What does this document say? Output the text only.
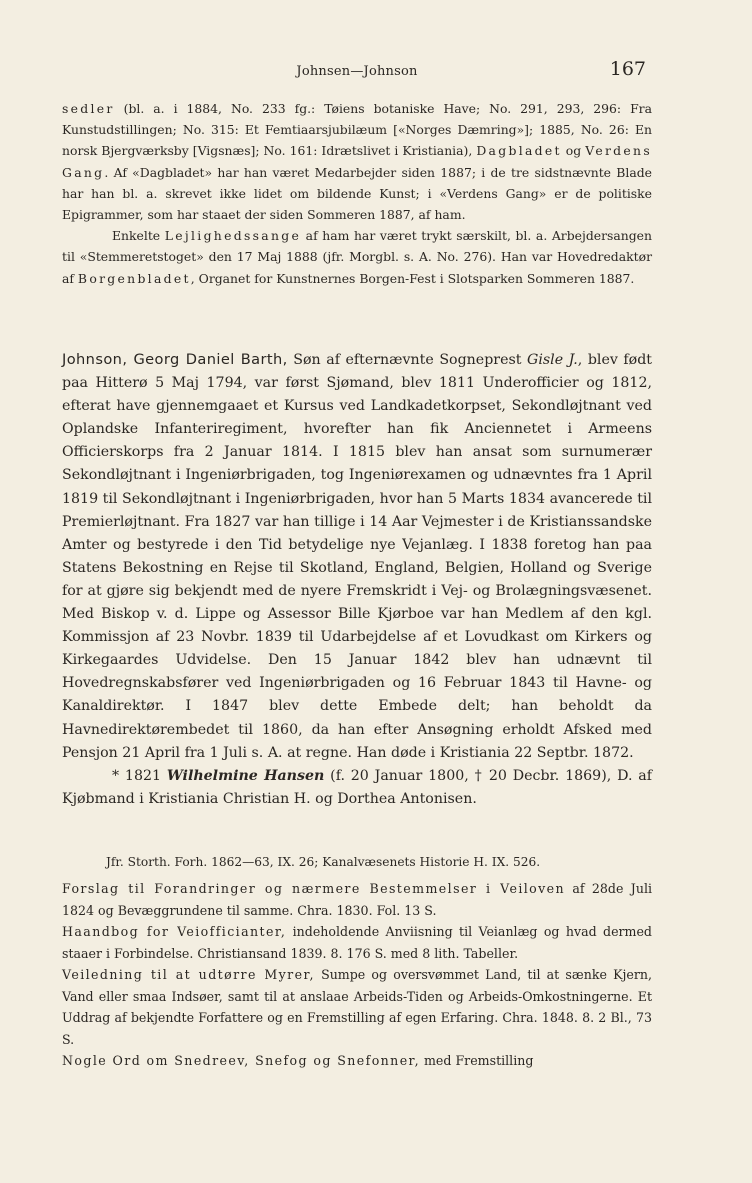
Johnsen—Johnson	167

sedler (bl. a. i 1884, No. 233 fg.: Tøiens botaniske Have; No. 291, 293, 296: Fra Kunstudstillingen; No. 315: Et Femtiaarsjubilæum [«Norges Dæmring»]; 1885, No. 26: En norsk Bjergværksby [Vigsnæs]; No. 161: Idrætslivet i Kristiania), Dagbladet og Verdens Gang. Af «Dagbladet» har han været Medarbejder siden 1887; i de tre sidstnævnte Blade har han bl. a. skrevet ikke lidet om bildende Kunst; i «Verdens Gang» er de politiske Epigrammer, som har staaet der siden Sommeren 1887, af ham.

Enkelte Lejlighedssange af ham har været trykt særskilt, bl. a. Arbejdersangen til «Stemmeretstoget» den 17 Maj 1888 (jfr. Morgbl. s. A. No. 276). Han var Hovedredaktør af Borgenbladet, Organet for Kunstnernes Borgen-Fest i Slotsparken Sommeren 1887.

Johnson, Georg Daniel Barth, Søn af efternævnte Sogneprest Gisle J., blev født paa Hitterø 5 Maj 1794, var først Sjømand, blev 1811 Underofficier og 1812, efterat have gjennemgaaet et Kursus ved Landkadetkorpset, Sekondløjtnant ved Oplandske Infanteriregiment, hvorefter han fik Anciennetet i Armeens Officierskorps fra 2 Januar 1814. I 1815 blev han ansat som surnumerær Sekondløjtnant i Ingeniørbrigaden, tog Ingeniørexamen og udnævntes fra 1 April 1819 til Sekondløjtnant i Ingeniørbrigaden, hvor han 5 Marts 1834 avancerede til Premierløjtnant. Fra 1827 var han tillige i 14 Aar Vejmester i de Kristianssandske Amter og bestyrede i den Tid betydelige nye Vejanlæg. I 1838 foretog han paa Statens Bekostning en Rejse til Skotland, England, Belgien, Holland og Sverige for at gjøre sig bekjendt med de nyere Fremskridt i Vej- og Brolægningsvæsenet. Med Biskop v. d. Lippe og Assessor Bille Kjørboe var han Medlem af den kgl. Kommissjon af 23 Novbr. 1839 til Udarbejdelse af et Lovudkast om Kirkers og Kirkegaardes Udvidelse. Den 15 Januar 1842 blev han udnævnt til Hovedregnskabsfører ved Ingeniørbrigaden og 16 Februar 1843 til Havne- og Kanaldirektør. I 1847 blev dette Embede delt; han beholdt da Havnedirektørembedet til 1860, da han efter Ansøgning erholdt Afsked med Pensjon 21 April fra 1 Juli s. A. at regne. Han døde i Kristiania 22 Septbr. 1872.

* 1821 Wilhelmine Hansen (f. 20 Januar 1800, † 20 Decbr. 1869), D. af Kjøbmand i Kristiania Christian H. og Dorthea Antonisen.

Jfr. Storth. Forh. 1862—63, IX. 26; Kanalvæsenets Historie H. IX. 526.

Forslag til Forandringer og nærmere Bestemmelser i Veiloven af 28de Juli 1824 og Bevæggrundene til samme. Chra. 1830. Fol. 13 S.

Haandbog for Veiofficianter, indeholdende Anviisning til Veianlæg og hvad dermed staaer i Forbindelse. Christiansand 1839. 8. 176 S. med 8 lith. Tabeller.

Veiledning til at udtørre Myrer, Sumpe og oversvømmet Land, til at sænke Kjern, Vand eller smaa Indsøer, samt til at anslaae Arbeids-Tiden og Arbeids-Omkostningerne. Et Uddrag af bekjendte Forfattere og en Fremstilling af egen Erfaring. Chra. 1848. 8. 2 Bl., 73 S.

Nogle Ord om Snedreev, Snefog og Snefonner, med Fremstilling
